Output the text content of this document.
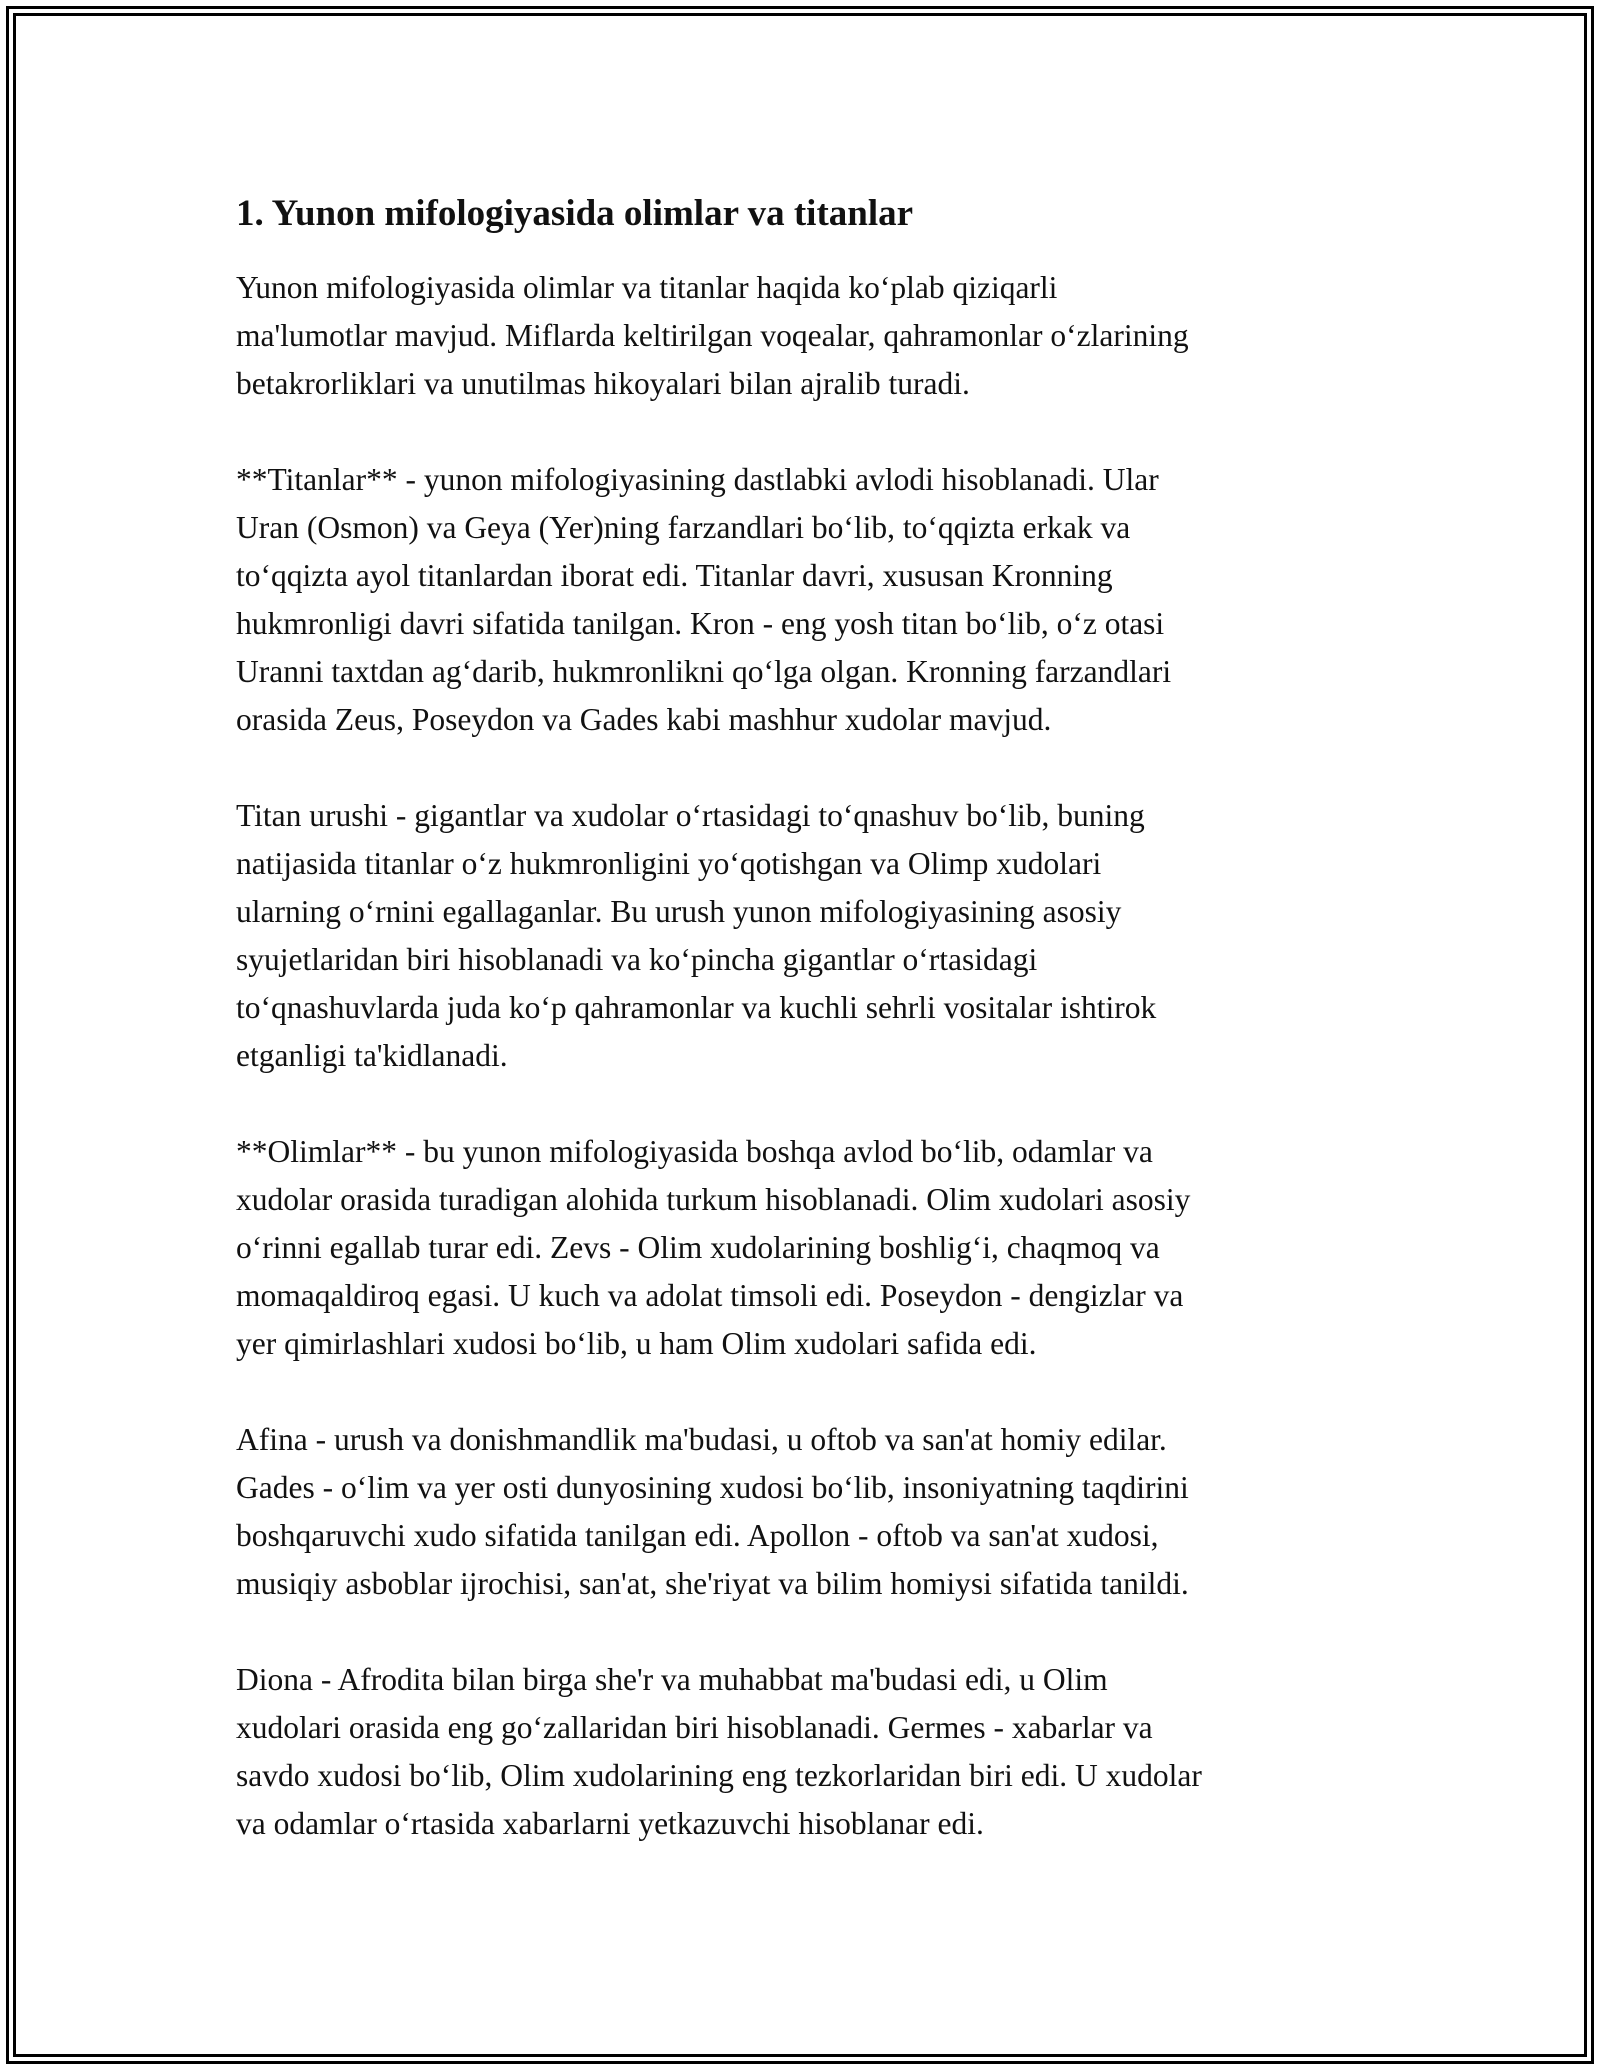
1. Yunon mifologiyasida olimlar va titanlar

Yunon mifologiyasida olimlar va titanlar haqida koʻplab qiziqarli
ma'lumotlar mavjud. Miflarda keltirilgan voqealar, qahramonlar oʻzlarining
betakrorliklari va unutilmas hikoyalari bilan ajralib turadi.

**Titanlar** - yunon mifologiyasining dastlabki avlodi hisoblanadi. Ular
Uran (Osmon) va Geya (Yer)ning farzandlari boʻlib, toʻqqizta erkak va
toʻqqizta ayol titanlardan iborat edi. Titanlar davri, xususan Kronning
hukmronligi davri sifatida tanilgan. Kron - eng yosh titan boʻlib, oʻz otasi
Uranni taxtdan agʻdarib, hukmronlikni qoʻlga olgan. Kronning farzandlari
orasida Zeus, Poseydon va Gades kabi mashhur xudolar mavjud.

Titan urushi - gigantlar va xudolar oʻrtasidagi toʻqnashuv boʻlib, buning
natijasida titanlar oʻz hukmronligini yoʻqotishgan va Olimp xudolari
ularning oʻrnini egallaganlar. Bu urush yunon mifologiyasining asosiy
syujetlaridan biri hisoblanadi va koʻpincha gigantlar oʻrtasidagi
toʻqnashuvlarda juda koʻp qahramonlar va kuchli sehrli vositalar ishtirok
etganligi ta'kidlanadi.

**Olimlar** - bu yunon mifologiyasida boshqa avlod boʻlib, odamlar va
xudolar orasida turadigan alohida turkum hisoblanadi. Olim xudolari asosiy
oʻrinni egallab turar edi. Zevs - Olim xudolarining boshligʻi, chaqmoq va
momaqaldiroq egasi. U kuch va adolat timsoli edi. Poseydon - dengizlar va
yer qimirlashlari xudosi boʻlib, u ham Olim xudolari safida edi.

Afina - urush va donishmandlik ma'budasi, u oftob va san'at homiy edilar.
Gades - oʻlim va yer osti dunyosining xudosi boʻlib, insoniyatning taqdirini
boshqaruvchi xudo sifatida tanilgan edi. Apollon - oftob va san'at xudosi,
musiqiy asboblar ijrochisi, san'at, she'riyat va bilim homiysi sifatida tanildi.

Diona - Afrodita bilan birga she'r va muhabbat ma'budasi edi, u Olim
xudolari orasida eng goʻzallaridan biri hisoblanadi. Germes - xabarlar va
savdo xudosi boʻlib, Olim xudolarining eng tezkorlaridan biri edi. U xudolar
va odamlar oʻrtasida xabarlarni yetkazuvchi hisoblanar edi.
